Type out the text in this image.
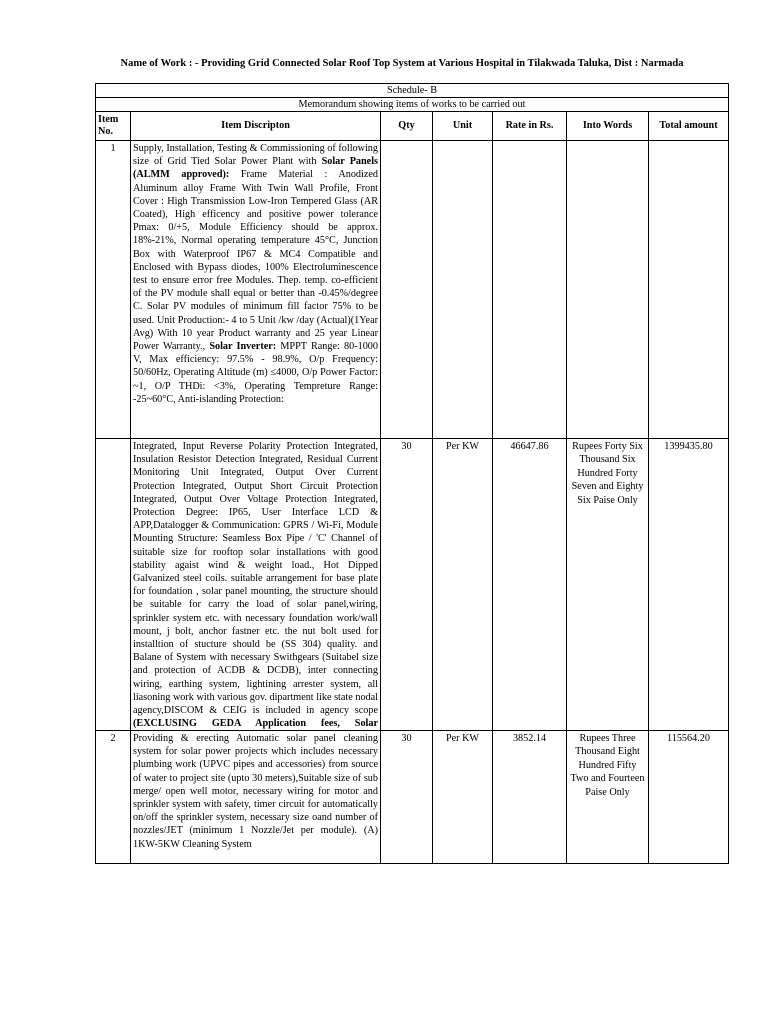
Name of Work : - Providing Grid Connected Solar Roof Top System at Various Hospital in Tilakwada Taluka, Dist : Narmada
Schedule- B						
Memorandum showing items of works to be carried out						
Item No.	Item Discripton	Qty	Unit	Rate in Rs.	Into Words	Total amount
1	Supply, Installation, Testing & Commissioning of following size of Grid Tied Solar Power Plant with Solar Panels (ALMM approved): Frame Material : Anodized Aluminum alloy Frame With Twin Wall Profile, Front Cover : High Transmission Low-Iron Tempered Glass (AR Coated), High efficency and positive power tolerance Pmax: 0/+5, Module Efficiency should be approx. 18%-21%, Normal operating temperature 45°C, Junction Box with Waterproof IP67 & MC4 Compatible and Enclosed with Bypass diodes, 100% Electroluminescence test to ensure error free Modules. Thep. temp. co-efficient of the PV module shall equal or better than -0.45%/degree C. Solar PV modules of minimum fill factor 75% to be used. Unit Production:- 4 to 5 Unit /kw /day (Actual)(1Year Avg) With 10 year Product warranty and 25 year Linear Power Warranty., Solar Inverter: MPPT Range: 80-1000 V, Max efficiency: 97.5% - 98.9%, O/p Frequency: 50/60Hz, Operating Altitude (m) ≤4000, O/p Power Factor: ~1, O/P THDi: <3%, Operating Tempreture Range: -25~60°C, Anti-islanding Protection:					

	Integrated, Input Reverse Polarity Protection Integrated, Insulation Resistor Detection Integrated, Residual Current Monitoring Unit Integrated, Output Over Current Protection Integrated, Output Short Circuit Protection Integrated, Output Over Voltage Protection Integrated, Protection Degree: IP65, User Interface LCD & APP,Datalogger & Communication: GPRS / Wi-Fi, Module Mounting Structure: Seamless Box Pipe / 'C' Channel of suitable size for rooftop solar installations with good stability agaist wind & weight load., Hot Dipped Galvanized steel coils. suitable arrangement for base plate for foundation , solar panel mounting, the structure should be suitable for carry the load of solar panel,wiring, sprinkler system etc. with necessary foundation work/wall mount, j bolt, anchor fastner etc. the nut bolt used for installtion of stucture should be (SS 304) quality. and Balane of System with necessary Swithgears (Suitabel size and protection of ACDB & DCDB), inter connecting wiring, earthing system, lightining arrester system, all liasoning work with various gov. dipartment like state nodal agency,DISCOM & CEIG is included in agency scope (EXCLUSING GEDA Application fees, Solar	30	Per KW	46647.86	Rupees Forty Six Thousand Six Hundred Forty Seven and Eighty Six Paise Only	1399435.80
2	Providing & erecting Automatic solar panel cleaning system for solar power projects which includes necessary plumbing work (UPVC pipes and accessories) from source of water to project site (upto 30 meters),Suitable size of sub merge/ open well motor, necessary wiring for motor and sprinkler system with safety, timer circuit for automatically on/off the sprinkler system, necessary size oand number of nozzles/JET (minimum 1 Nozzle/Jet per module). (A) 1KW-5KW Cleaning System	30	Per KW	3852.14	Rupees Three Thousand Eight Hundred Fifty Two and Fourteen Paise Only	115564.20
